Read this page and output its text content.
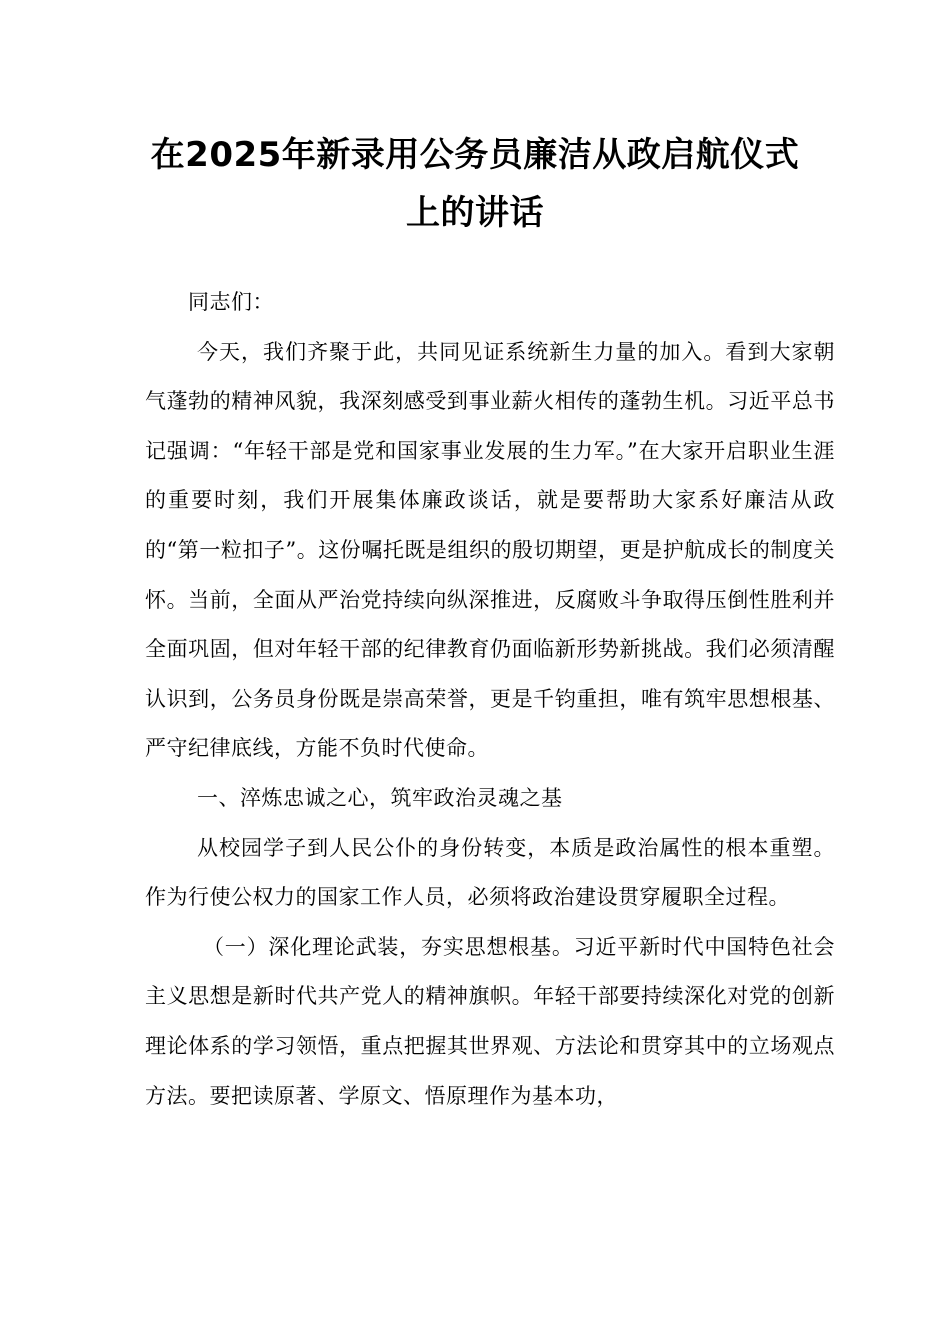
在2025年新录用公务员廉洁从政启航仪式
上的讲话

同志们：

今天，我们齐聚于此，共同见证系统新生力量的加入。看到大家朝气蓬勃的精神风貌，我深刻感受到事业薪火相传的蓬勃生机。习近平总书记强调：“年轻干部是党和国家事业发展的生力军。”在大家开启职业生涯的重要时刻，我们开展集体廉政谈话，就是要帮助大家系好廉洁从政的“第一粒扣子”。这份嘱托既是组织的殷切期望，更是护航成长的制度关怀。当前，全面从严治党持续向纵深推进，反腐败斗争取得压倒性胜利并全面巩固，但对年轻干部的纪律教育仍面临新形势新挑战。我们必须清醒认识到，公务员身份既是崇高荣誉，更是千钧重担，唯有筑牢思想根基、严守纪律底线，方能不负时代使命。

一、淬炼忠诚之心，筑牢政治灵魂之基

从校园学子到人民公仆的身份转变，本质是政治属性的根本重塑。作为行使公权力的国家工作人员，必须将政治建设贯穿履职全过程。

（一）深化理论武装，夯实思想根基。习近平新时代中国特色社会主义思想是新时代共产党人的精神旗帜。年轻干部要持续深化对党的创新理论体系的学习领悟，重点把握其世界观、方法论和贯穿其中的立场观点方法。要把读原著、学原文、悟原理作为基本功，
